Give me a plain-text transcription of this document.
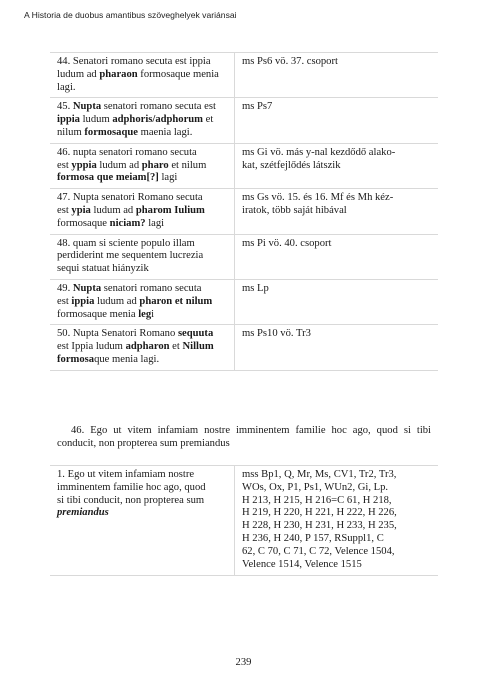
A Historia de duobus amantibus szöveghelyek variánsai
44. Senatori romano secuta est ippia
ludum ad pharaon formosaque menia
lagi.
ms Ps6 vö. 37. csoport
45. Nupta senatori romano secuta est
ippia ludum adphoris/adphorum et
nilum formosaque maenia lagi.
ms Ps7
46. nupta senatori romano secuta
est yppia ludum ad pharo et nilum
formosa que meiam[?] lagi
ms Gi vö. más y-nal kezdődő alako-
kat, szétfejlődés látszik
47. Nupta senatori Romano secuta
est ypia ludum ad pharom Iulium
formosaque niciam? lagi
ms Gs vö. 15. és 16. Mf és Mh kéz-
iratok, több saját hibával
48. quam si sciente populo illam
perdiderint me sequentem lucrezia
sequi statuat hiányzik
ms Pi vö. 40. csoport
49. Nupta senatori romano secuta
est ippia ludum ad pharon et nilum
formosaque menia legi
ms Lp
50. Nupta Senatori Romano sequuta
est Ippia ludum adpharon et Nillum
formosaque menia lagi.
ms Ps10 vö. Tr3
46. Ego ut vitem infamiam nostre imminentem familie hoc ago, quod si tibi conducit, non propterea sum premiandus
1. Ego ut vitem infamiam nostre
imminentem familie hoc ago, quod
si tibi conducit, non propterea sum
premiandus
mss Bp1, Q, Mr, Ms, CV1, Tr2, Tr3,
WOs, Ox, P1, Ps1, WUn2, Gi, Lp.
H 213, H 215, H 216=C 61, H 218,
H 219, H 220, H 221, H 222, H 226,
H 228, H 230, H 231, H 233, H 235,
H 236, H 240, P 157, RSuppl1, C
62, C 70, C 71, C 72, Velence 1504,
Velence 1514, Velence 1515
239
